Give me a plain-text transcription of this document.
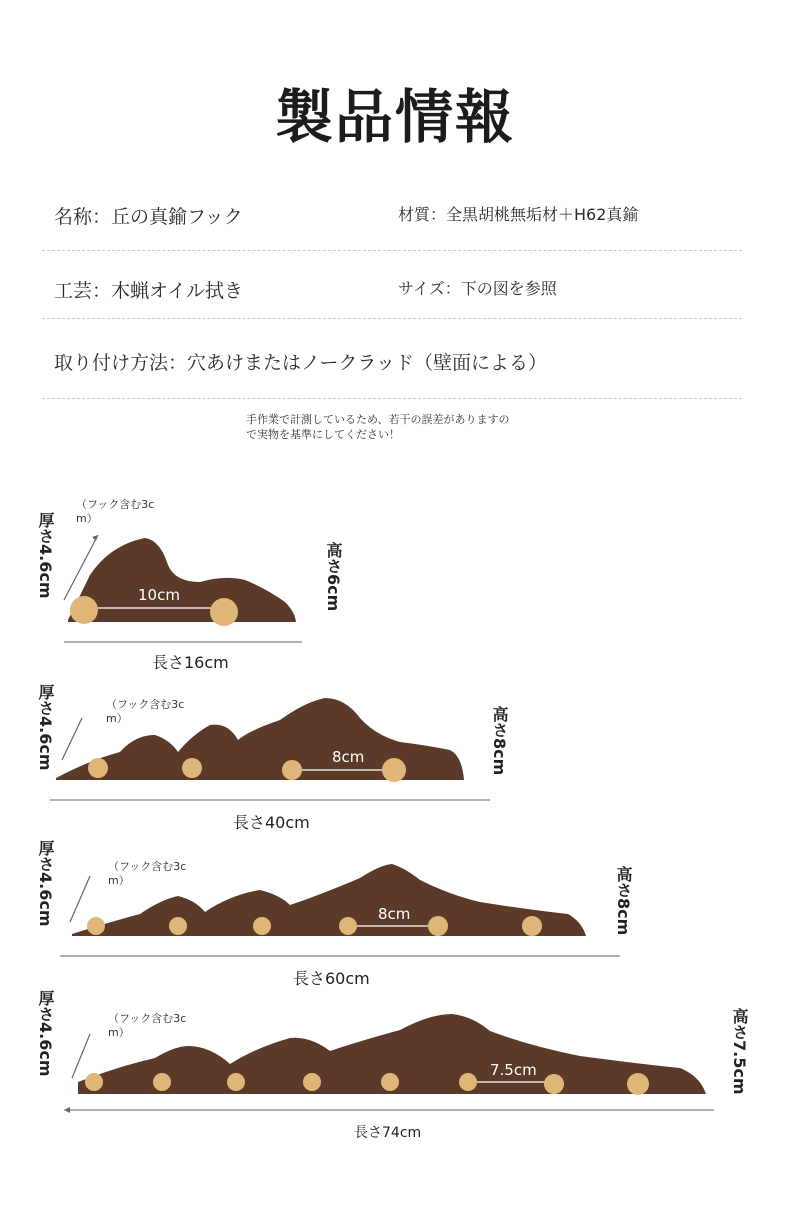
製品情報
名称：丘の真鍮フック	材質：全黒胡桃無垢材＋H62真鍮
工芸：木蝋オイル拭き	サイズ：下の図を参照
取り付け方法：穴あけまたはノークラッド（壁面による）
手作業で計測しているため、若干の誤差がありますの
で実物を基準にしてください！
厚さ4.6cm
（フック含む3c
m）
10cm	高さ6cm
長さ16cm
厚さ4.6cm	（フック含む3c
m）
8cm	高さ8cm
長さ40cm
厚さ4.6cm	（フック含む3c
m）
8cm	高さ8cm
長さ60cm
厚さ4.6cm	（フック含む3c
m）
7.5cm	高さ7.5cm
長さ74cm
